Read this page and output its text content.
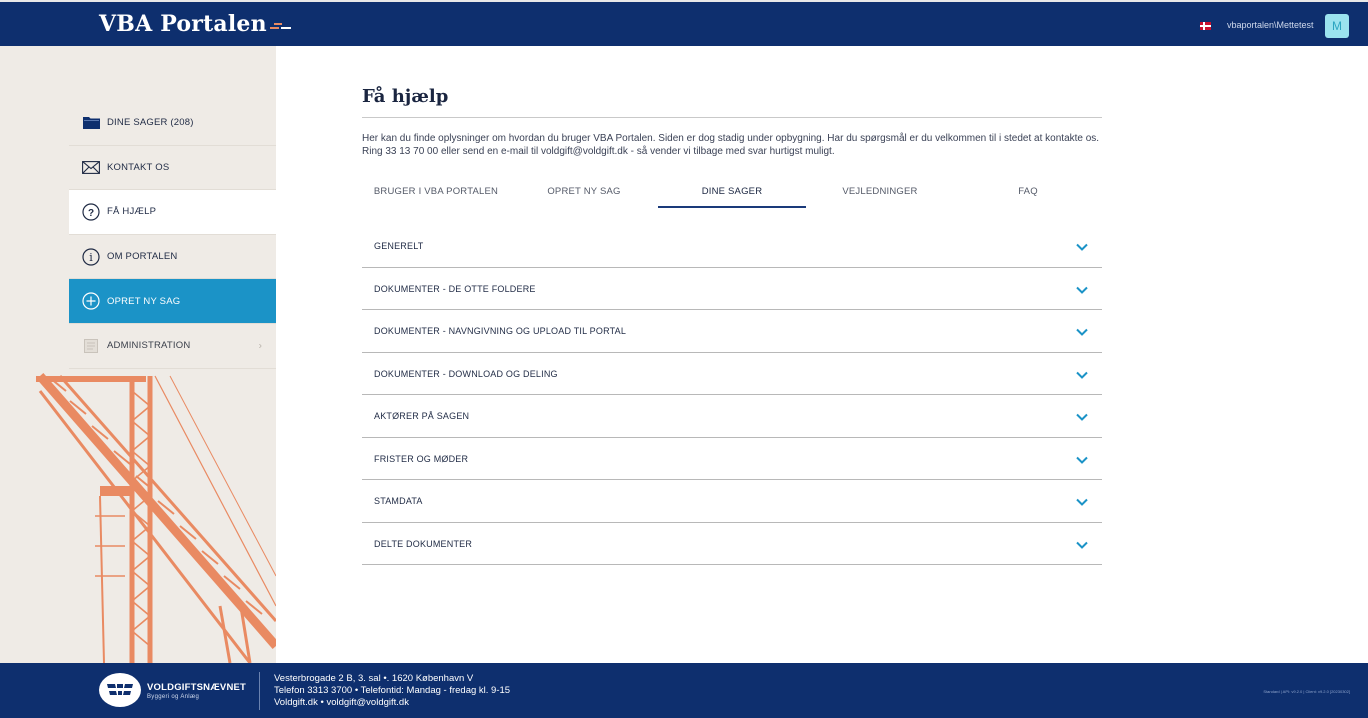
VBA Portalen	vbaportalen\Mettetest	M
DINE SAGER (208)
KONTAKT OS
? FÅ HJÆLP
i OM PORTALEN
OPRET NY SAG
ADMINISTRATION	›
Få hjælp
Her kan du finde oplysninger om hvordan du bruger VBA Portalen. Siden er dog stadig under opbygning. Har du spørgsmål er du velkommen til i stedet at kontakte os. Ring 33 13 70 00 eller send en e-mail til voldgift@voldgift.dk - så vender vi tilbage med svar hurtigst muligt.
BRUGER I VBA PORTALEN	OPRET NY SAG	DINE SAGER	VEJLEDNINGER	FAQ
GENERELT
DOKUMENTER - DE OTTE FOLDERE
DOKUMENTER - NAVNGIVNING OG UPLOAD TIL PORTAL
DOKUMENTER - DOWNLOAD OG DELING
AKTØRER PÅ SAGEN
FRISTER OG MØDER
STAMDATA
DELTE DOKUMENTER
VOLDGIFTSNÆVNET
Byggeri og Anlæg
Vesterbrogade 2 B, 3. sal •. 1620 København V
Telefon 3313 3700 • Telefontid: Mandag - fredag kl. 9-15
Voldgift.dk • voldgift@voldgift.dk
Standard | API: v9.2.0 | Client: v9.2.0 [20230302]
